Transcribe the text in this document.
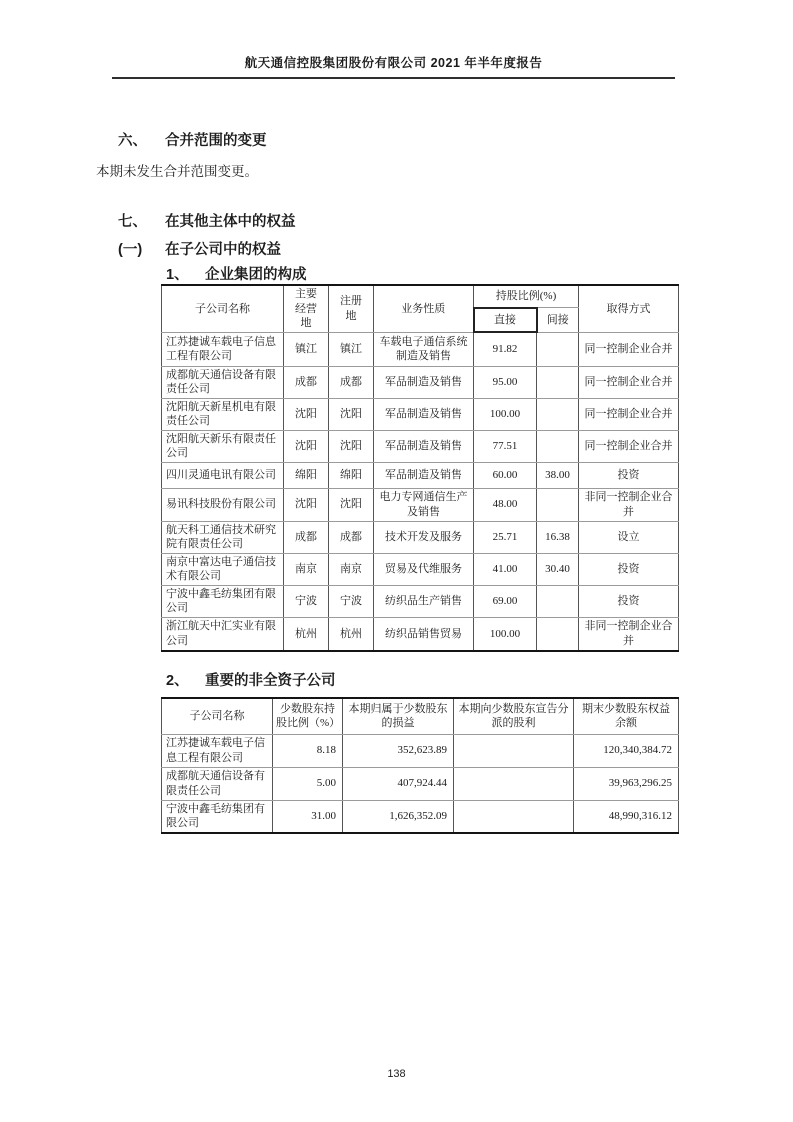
航天通信控股集团股份有限公司 2021 年半年度报告
六、	合并范围的变更

本期未发生合并范围变更。

七、	在其他主体中的权益
(一)	在子公司中的权益
1、	企业集团的构成
子公司名称	主要经营地	注册地	业务性质	持股比例(%)		取得方式
				直接	间接	
江苏捷诚车载电子信息工程有限公司	镇江	镇江	车载电子通信系统制造及销售	91.82		同一控制企业合并
成都航天通信设备有限责任公司	成都	成都	军品制造及销售	95.00		同一控制企业合并
沈阳航天新星机电有限责任公司	沈阳	沈阳	军品制造及销售	100.00		同一控制企业合并
沈阳航天新乐有限责任公司	沈阳	沈阳	军品制造及销售	77.51		同一控制企业合并
四川灵通电讯有限公司	绵阳	绵阳	军品制造及销售	60.00	38.00	投资
易讯科技股份有限公司	沈阳	沈阳	电力专网通信生产及销售	48.00		非同一控制企业合并
航天科工通信技术研究院有限责任公司	成都	成都	技术开发及服务	25.71	16.38	设立
南京中富达电子通信技术有限公司	南京	南京	贸易及代维服务	41.00	30.40	投资
宁波中鑫毛纺集团有限公司	宁波	宁波	纺织品生产销售	69.00		投资
浙江航天中汇实业有限公司	杭州	杭州	纺织品销售贸易	100.00		非同一控制企业合并
2、	重要的非全资子公司
子公司名称	少数股东持股比例（%）	本期归属于少数股东的损益	本期向少数股东宣告分派的股利	期末少数股东权益余额
江苏捷诚车载电子信息工程有限公司	8.18	352,623.89		120,340,384.72
成都航天通信设备有限责任公司	5.00	407,924.44		39,963,296.25
宁波中鑫毛纺集团有限公司	31.00	1,626,352.09		48,990,316.12
138
